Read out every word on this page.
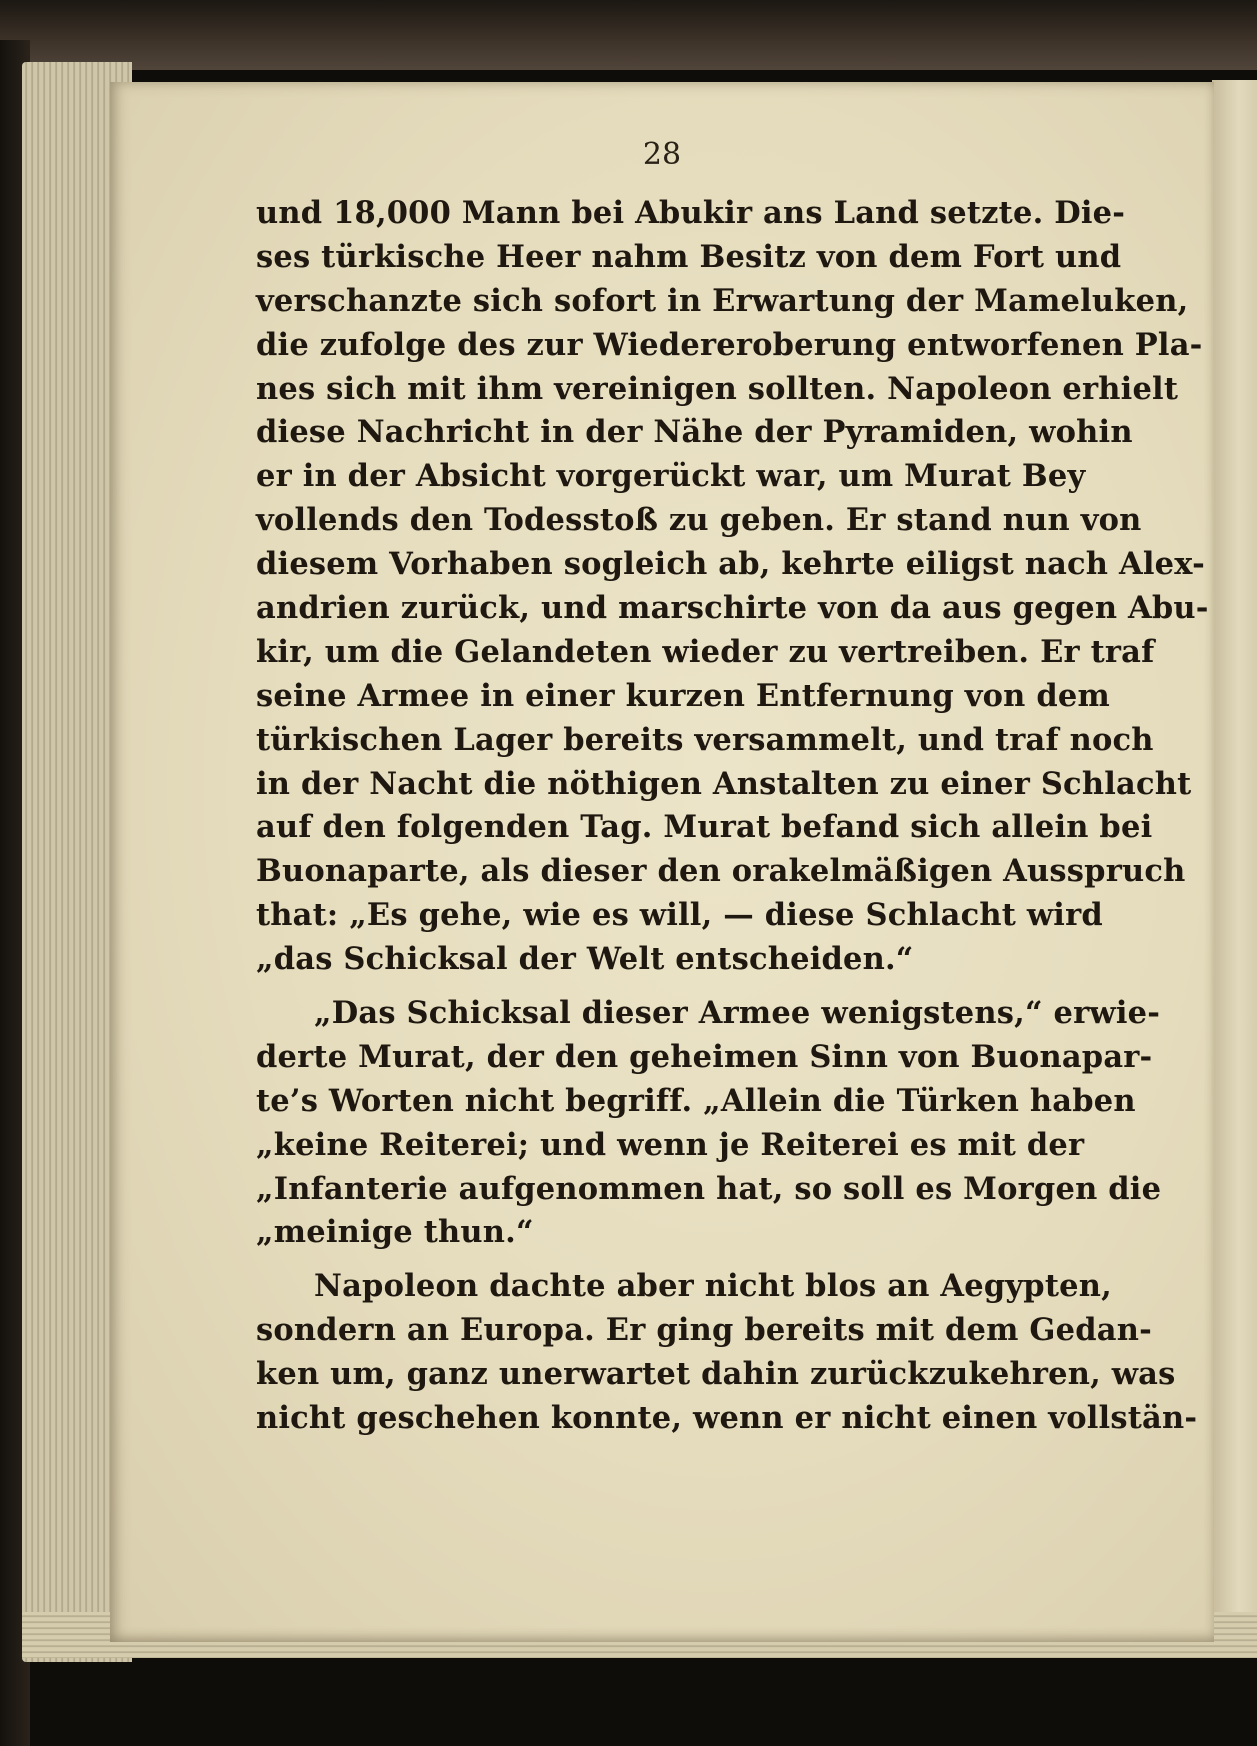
28
und 18,000 Mann bei Abukir ans Land setzte. Die-
ses türkische Heer nahm Besitz von dem Fort und
verschanzte sich sofort in Erwartung der Mameluken,
die zufolge des zur Wiedereroberung entworfenen Pla-
nes sich mit ihm vereinigen sollten. Napoleon erhielt
diese Nachricht in der Nähe der Pyramiden, wohin
er in der Absicht vorgerückt war, um Murat Bey
vollends den Todesstoß zu geben. Er stand nun von
diesem Vorhaben sogleich ab, kehrte eiligst nach Alex-
andrien zurück, und marschirte von da aus gegen Abu-
kir, um die Gelandeten wieder zu vertreiben. Er traf
seine Armee in einer kurzen Entfernung von dem
türkischen Lager bereits versammelt, und traf noch
in der Nacht die nöthigen Anstalten zu einer Schlacht
auf den folgenden Tag. Murat befand sich allein bei
Buonaparte, als dieser den orakelmäßigen Ausspruch
that: „Es gehe, wie es will, — diese Schlacht wird
„das Schicksal der Welt entscheiden.“
„Das Schicksal dieser Armee wenigstens,“ erwie-
derte Murat, der den geheimen Sinn von Buonapar-
te’s Worten nicht begriff. „Allein die Türken haben
„keine Reiterei; und wenn je Reiterei es mit der
„Infanterie aufgenommen hat, so soll es Morgen die
„meinige thun.“
Napoleon dachte aber nicht blos an Aegypten,
sondern an Europa. Er ging bereits mit dem Gedan-
ken um, ganz unerwartet dahin zurückzukehren, was
nicht geschehen konnte, wenn er nicht einen vollstän-
